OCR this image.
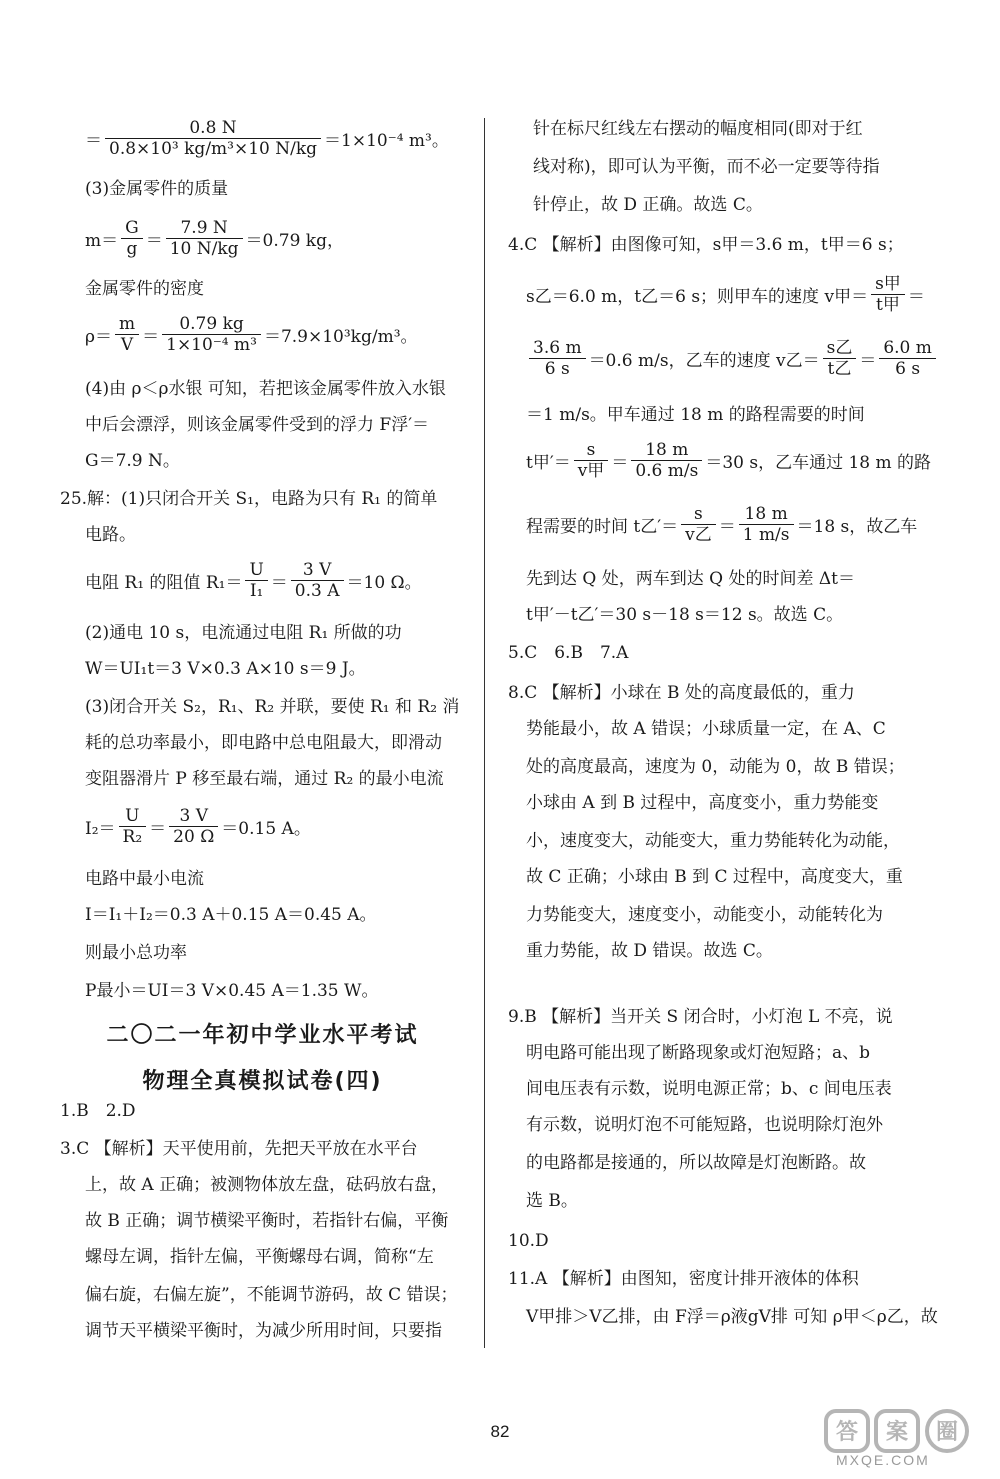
＝ $\frac{0.8 N}{\text{0.8×10³ kg/m³×10 N/kg}} =1\times 10^{-4}$ m³。
(3)金属零件的质量
$m= \frac{G}{g} = \frac{7.9 N}{10 N/kg} =0.79$ kg，
金属零件的密度
$\rho= \frac{m}{V} = \frac{0.79 kg}{\text{1×10⁻⁴ m³}} =7.9\times 10^3kg/m^3$。
(4)由 ρ＜ρ水银 可知，若把该金属零件放入水银
中后会漂浮，则该金属零件受到的浮力 F浮′＝
G＝7.9 N。
25.解：(1)只闭合开关 S₁，电路为只有 R₁ 的简单
电路。
电阻 R₁ 的阻值 $R_1= \frac{U}{\text{I₁}} = \frac{3 V}{0.3 A} =10$ Ω。
(2)通电 10 s，电流通过电阻 R₁ 所做的功
W＝UI₁t＝3 V×0.3 A×10 s＝9 J。
(3)闭合开关 S₂，R₁、R₂ 并联，要使 R₁ 和 R₂ 消
耗的总功率最小，即电路中总电阻最大，即滑动
变阻器滑片 P 移至最右端，通过 R₂ 的最小电流
$I_2= \frac{U}{\text{R₂}} = \frac{3 V}{20 \Omega} =0.15$ A。
电路中最小电流
I＝I₁＋I₂＝0.3 A＋0.15 A＝0.45 A。
则最小总功率
P最小＝UI＝3 V×0.45 A＝1.35 W。
二〇二一年初中学业水平考试
物理全真模拟试卷(四)
1.B　2.D
3.C 【解析】天平使用前，先把天平放在水平台
上，故 A 正确；被测物体放左盘，砝码放右盘，
故 B 正确；调节横梁平衡时，若指针右偏，平衡
螺母左调，指针左偏，平衡螺母右调，简称“左
偏右旋，右偏左旋”，不能调节游码，故 C 错误；
调节天平横梁平衡时，为减少所用时间，只要指
针在标尺红线左右摆动的幅度相同(即对于红
线对称)，即可认为平衡，而不必一定要等待指
针停止，故 D 正确。故选 C。
4.C 【解析】由图像可知，s甲＝3.6 m，t甲＝6 s；
s乙＝6.0 m，t乙＝6 s；则甲车的速度 v甲＝ $\frac{\text{s甲}}{\text{t甲}}$ ＝
$\frac{3.6 m}{6 s} =0.6$ m/s，乙车的速度 v乙＝ $\frac{\text{s乙}}{\text{t乙}} = \frac{6.0 m}{6 s}$
＝1 m/s。甲车通过 18 m 的路程需要的时间
t甲′＝ $\frac{s}{\text{v甲}} = \frac{18 m}{0.6 m/s} =30$ s，乙车通过 18 m 的路
程需要的时间 t乙′＝ $\frac{s}{\text{v乙}} = \frac{18 m}{1 m/s} =18$ s，故乙车
先到达 Q 处，两车到达 Q 处的时间差 Δt＝
t甲′－t乙′＝30 s－18 s＝12 s。故选 C。
5.C　6.B　7.A
8.C 【解析】小球在 B 处的高度最低的，重力
势能最小，故 A 错误；小球质量一定，在 A、C
处的高度最高，速度为 0，动能为 0，故 B 错误；
小球由 A 到 B 过程中，高度变小，重力势能变
小，速度变大，动能变大，重力势能转化为动能，
故 C 正确；小球由 B 到 C 过程中，高度变大，重
力势能变大，速度变小，动能变小，动能转化为
重力势能，故 D 错误。故选 C。
9.B 【解析】当开关 S 闭合时，小灯泡 L 不亮，说
明电路可能出现了断路现象或灯泡短路；a、b
间电压表有示数，说明电源正常；b、c 间电压表
有示数，说明灯泡不可能短路，也说明除灯泡外
的电路都是接通的，所以故障是灯泡断路。故
选 B。
10.D
11.A 【解析】由图知，密度计排开液体的体积
V甲排＞V乙排，由 F浮＝ρ液gV排 可知 ρ甲＜ρ乙，故
82	答 案 圈
MXQE.COM
